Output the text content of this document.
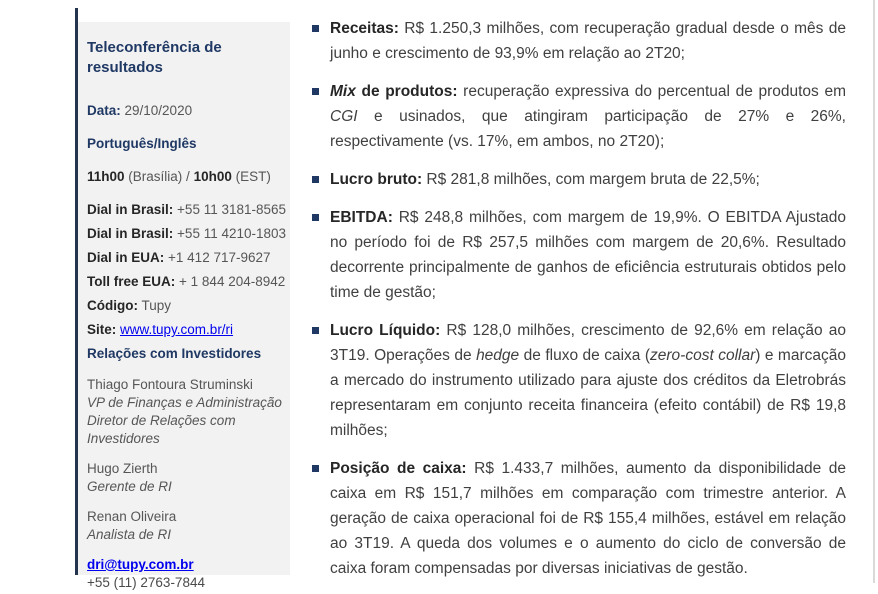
Teleconferência de resultados
Data: 29/10/2020
Português/Inglês
11h00 (Brasília) / 10h00 (EST)
Dial in Brasil: +55 11 3181-8565
Dial in Brasil: +55 11 4210-1803
Dial in EUA: +1 412 717-9627
Toll free EUA: + 1 844 204-8942
Código: Tupy
Site: www.tupy.com.br/ri
Relações com Investidores
Thiago Fontoura Struminski
VP de Finanças e Administração
Diretor de Relações com Investidores
Hugo Zierth
Gerente de RI
Renan Oliveira
Analista de RI
dri@tupy.com.br
+55 (11) 2763-7844
Receitas: R$ 1.250,3 milhões, com recuperação gradual desde o mês de junho e crescimento de 93,9% em relação ao 2T20;
Mix de produtos: recuperação expressiva do percentual de produtos em CGI e usinados, que atingiram participação de 27% e 26%, respectivamente (vs. 17%, em ambos, no 2T20);
Lucro bruto: R$ 281,8 milhões, com margem bruta de 22,5%;
EBITDA: R$ 248,8 milhões, com margem de 19,9%. O EBITDA Ajustado no período foi de R$ 257,5 milhões com margem de 20,6%. Resultado decorrente principalmente de ganhos de eficiência estruturais obtidos pelo time de gestão;
Lucro Líquido: R$ 128,0 milhões, crescimento de 92,6% em relação ao 3T19. Operações de hedge de fluxo de caixa (zero-cost collar) e marcação a mercado do instrumento utilizado para ajuste dos créditos da Eletrobrás representaram em conjunto receita financeira (efeito contábil) de R$ 19,8 milhões;
Posição de caixa: R$ 1.433,7 milhões, aumento da disponibilidade de caixa em R$ 151,7 milhões em comparação com trimestre anterior. A geração de caixa operacional foi de R$ 155,4 milhões, estável em relação ao 3T19. A queda dos volumes e o aumento do ciclo de conversão de caixa foram compensadas por diversas iniciativas de gestão.
